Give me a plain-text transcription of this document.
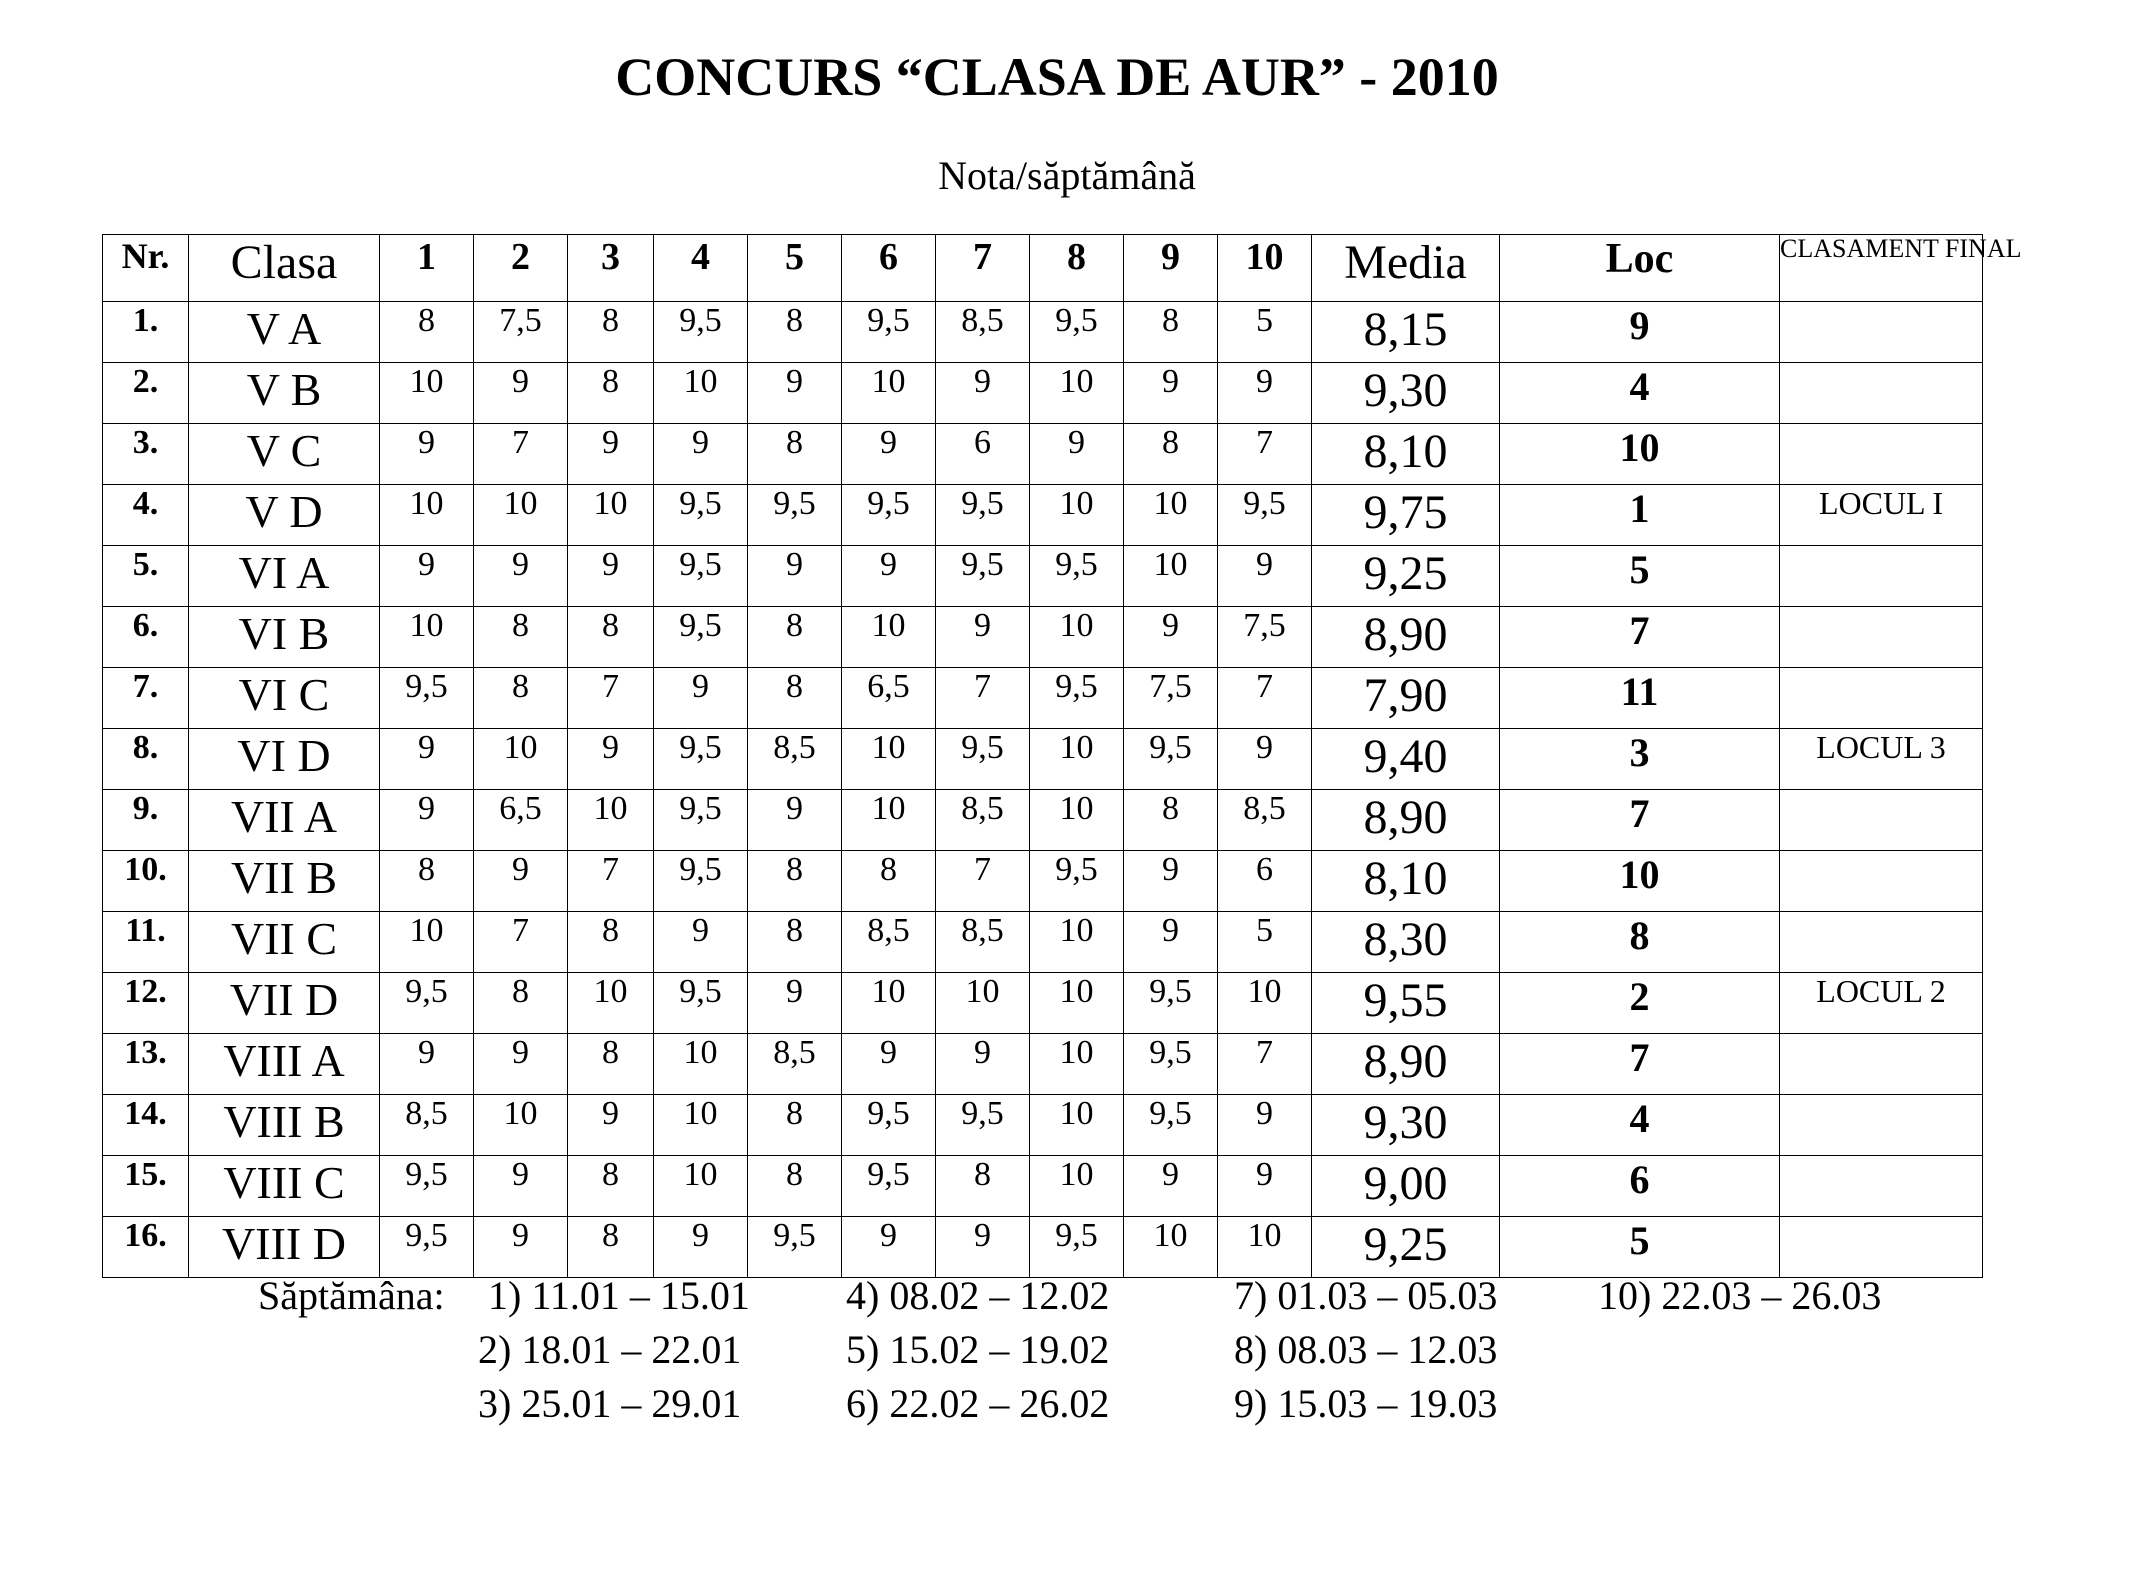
CONCURS “CLASA DE AUR” - 2010
Nota/săptămână
Nr.	Clasa	1	2	3	4	5	6	7	8	9	10	Media	Loc	CLASAMENT FINAL
1.	V A	8	7,5	8	9,5	8	9,5	8,5	9,5	8	5	8,15	9	
2.	V B	10	9	8	10	9	10	9	10	9	9	9,30	4	
3.	V C	9	7	9	9	8	9	6	9	8	7	8,10	10	
4.	V D	10	10	10	9,5	9,5	9,5	9,5	10	10	9,5	9,75	1	LOCUL I
5.	VI A	9	9	9	9,5	9	9	9,5	9,5	10	9	9,25	5	
6.	VI B	10	8	8	9,5	8	10	9	10	9	7,5	8,90	7	
7.	VI C	9,5	8	7	9	8	6,5	7	9,5	7,5	7	7,90	11	
8.	VI D	9	10	9	9,5	8,5	10	9,5	10	9,5	9	9,40	3	LOCUL 3
9.	VII A	9	6,5	10	9,5	9	10	8,5	10	8	8,5	8,90	7	
10.	VII B	8	9	7	9,5	8	8	7	9,5	9	6	8,10	10	
11.	VII C	10	7	8	9	8	8,5	8,5	10	9	5	8,30	8	
12.	VII D	9,5	8	10	9,5	9	10	10	10	9,5	10	9,55	2	LOCUL 2
13.	VIII A	9	9	8	10	8,5	9	9	10	9,5	7	8,90	7	
14.	VIII B	8,5	10	9	10	8	9,5	9,5	10	9,5	9	9,30	4	
15.	VIII C	9,5	9	8	10	8	9,5	8	10	9	9	9,00	6	
16.	VIII D	9,5	9	8	9	9,5	9	9	9,5	10	10	9,25	5	
Săptămâna: 1) 11.01 – 15.01
2) 18.01 – 22.01
3) 25.01 – 29.01
4) 08.02 – 12.02
5) 15.02 – 19.02
6) 22.02 – 26.02
7) 01.03 – 05.03
8) 08.03 – 12.03
9) 15.03 – 19.03
10) 22.03 – 26.03
